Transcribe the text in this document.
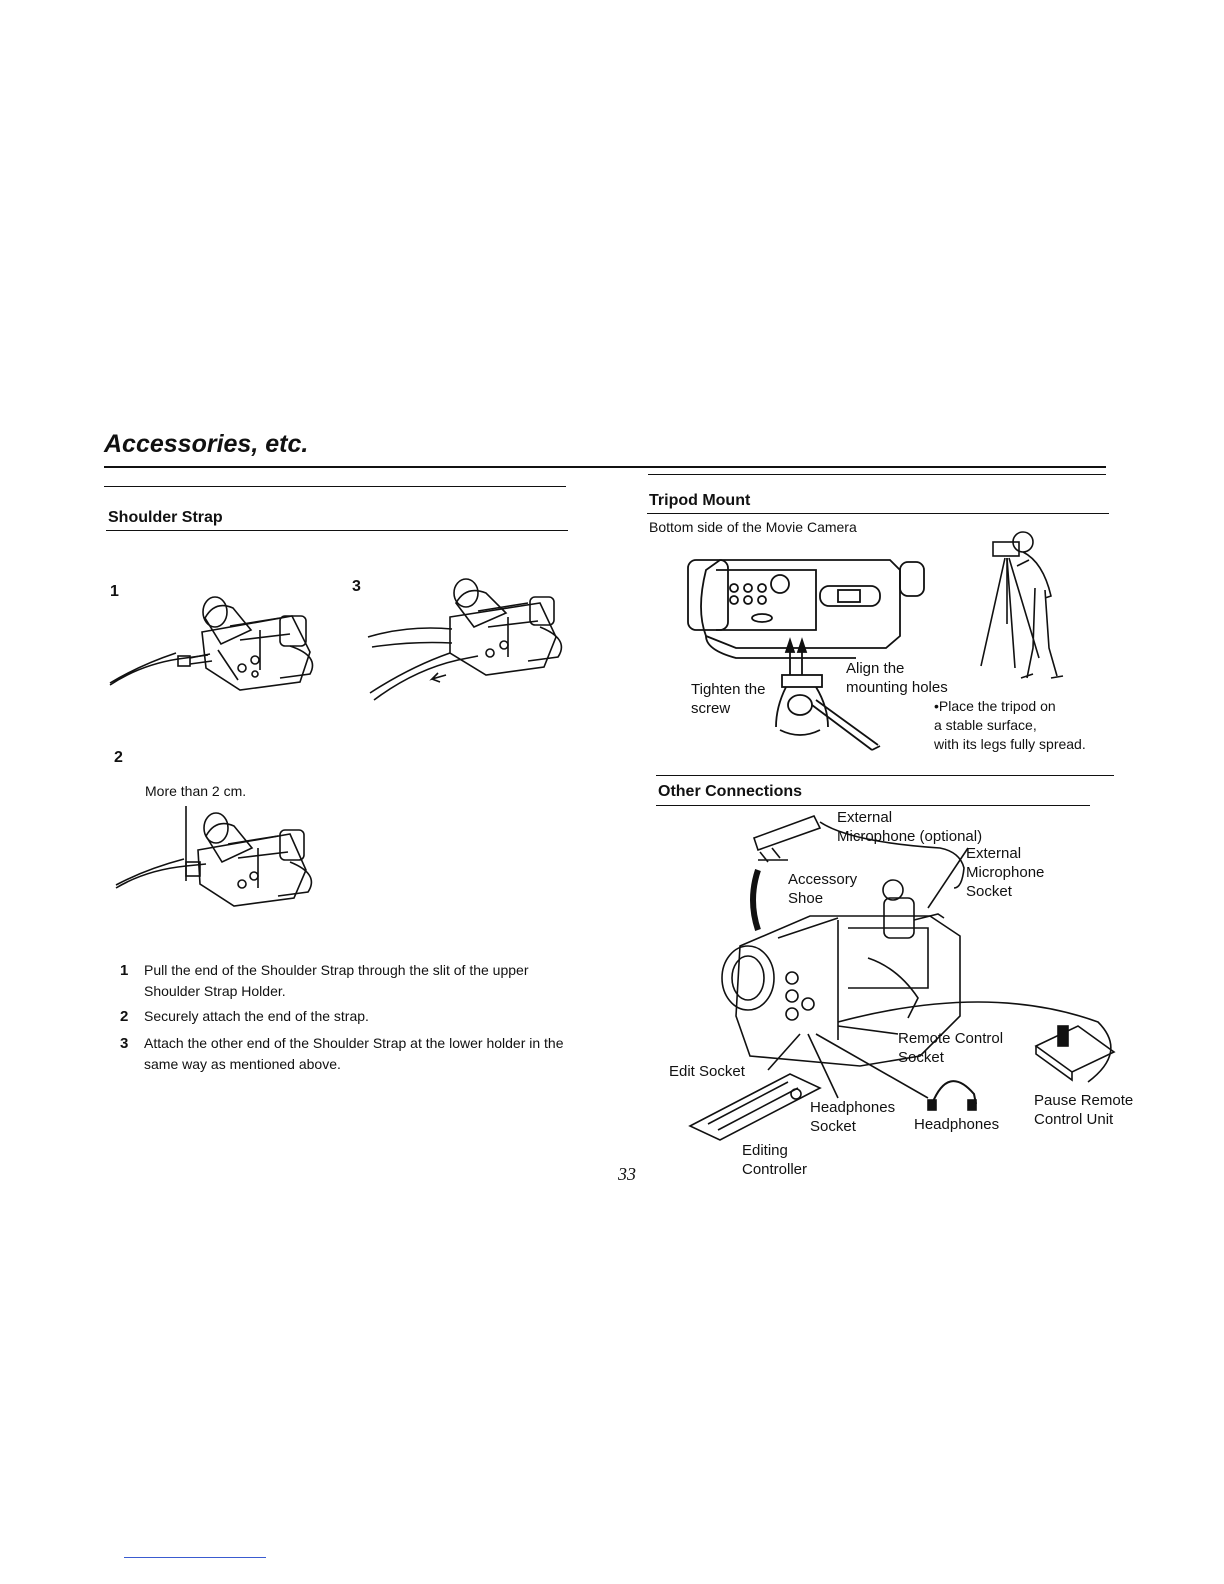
Accessories, etc.
Shoulder Strap
1	3
2
More than 2 cm.
1 Pull the end of the Shoulder Strap through the slit of the upper Shoulder Strap Holder.
2 Securely attach the end of the strap.
3 Attach the other end of the Shoulder Strap at the lower holder in the same way as mentioned above.
Tripod Mount
Bottom side of the Movie Camera
Align the
mounting holes
Tighten the
screw	•Place the tripod on
a stable surface,
with its legs fully spread.
Other Connections
External
Microphone (optional)
External
Microphone
Socket
Accessory
Shoe
Remote Control
Socket
Edit Socket
Headphones
Socket	Headphones
Pause Remote
Control Unit
Editing
Controller
33
